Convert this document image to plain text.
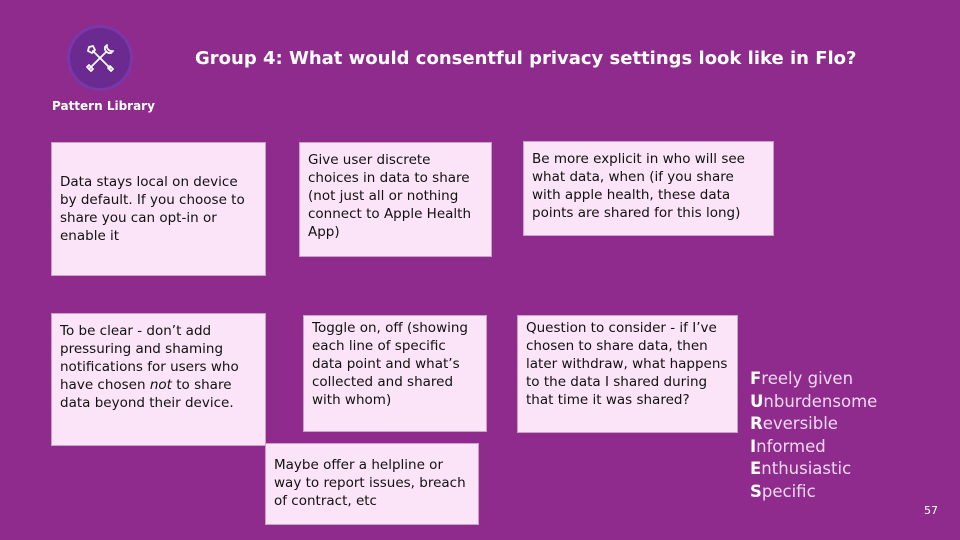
Pattern Library
Group 4: What would consentful privacy settings look like in Flo?
Data stays local on device by default. If you choose to share you can opt-in or enable it
Give user discrete choices in data to share (not just all or nothing connect to Apple Health App)
Be more explicit in who will see what data, when (if you share with apple health, these data points are shared for this long)
To be clear - don’t add pressuring and shaming notifications for users who have chosen not to share data beyond their device.
Toggle on, off (showing each line of specific data point and what’s collected and shared with whom)
Question to consider - if I’ve chosen to share data, then later withdraw, what happens to the data I shared during that time it was shared?
Maybe offer a helpline or way to report issues, breach of contract, etc
Freely given
Unburdensome
Reversible
Informed
Enthusiastic
Specific
57
